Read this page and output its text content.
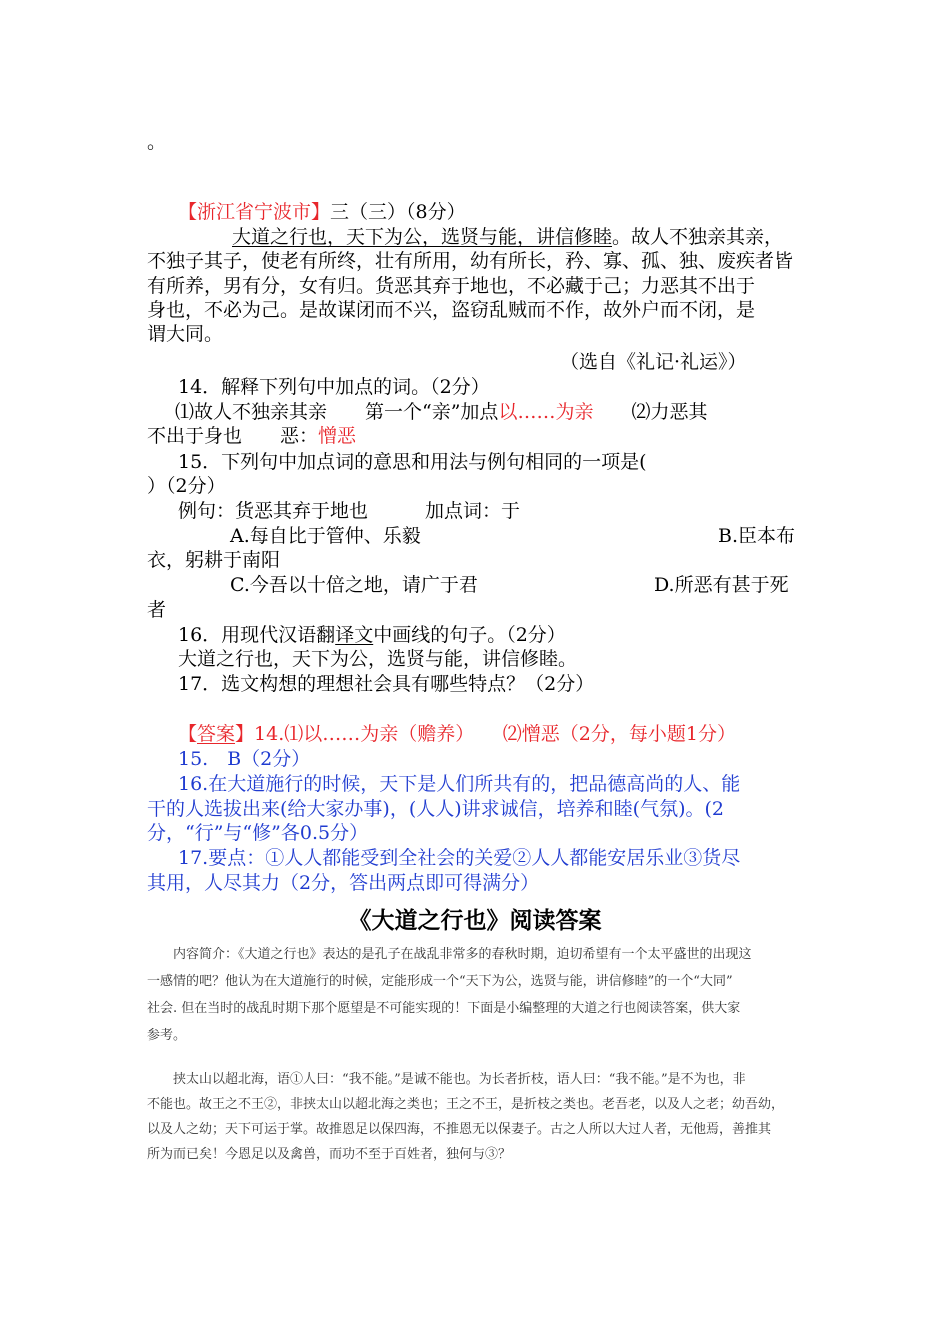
。
【浙江省宁波市】三（三）（8分）
大道之行也，天下为公，选贤与能，讲信修睦。故人不独亲其亲，
不独子其子，使老有所终，壮有所用，幼有所长，矜、寡、孤、独、废疾者皆
有所养，男有分，女有归。货恶其弃于地也，不必藏于己；力恶其不出于
身也，不必为己。是故谋闭而不兴，盗窃乱贼而不作，故外户而不闭，是
谓大同。
（选自《礼记·礼运》）
14．解释下列句中加点的词。（2分）
⑴故人不独亲其亲　　第一个“亲”加点以……为亲　　⑵力恶其
不出于身也　　恶：憎恶
15．下列句中加点词的意思和用法与例句相同的一项是(
）（2分）
例句：货恶其弃于地也　　　加点词：于
A.每自比于管仲、乐毅	B.臣本布
衣，躬耕于南阳
C.今吾以十倍之地，请广于君	D.所恶有甚于死
者
16．用现代汉语翻译文中画线的句子。（2分）
大道之行也，天下为公，选贤与能，讲信修睦。
17．选文构想的理想社会具有哪些特点？（2分）
【答案】14.⑴以……为亲（赡养）　　⑵憎恶（2分，每小题1分）
15.　B（2分）
16.在大道施行的时候，天下是人们所共有的，把品德高尚的人、能
干的人选拔出来(给大家办事)，(人人)讲求诚信，培养和睦(气氛)。(2
分，“行”与“修”各0.5分）
17.要点：①人人都能受到全社会的关爱②人人都能安居乐业③货尽
其用，人尽其力（2分，答出两点即可得满分）
《大道之行也》阅读答案
内容简介：《大道之行也》表达的是孔子在战乱非常多的春秋时期，迫切希望有一个太平盛世的出现这
一感情的吧？他认为在大道施行的时候，定能形成一个“天下为公，选贤与能，讲信修睦”的一个“大同”
社会. 但在当时的战乱时期下那个愿望是不可能实现的！下面是小编整理的大道之行也阅读答案，供大家
参考。
挟太山以超北海，语①人曰：“我不能。”是诚不能也。为长者折枝，语人曰：“我不能。”是不为也，非
不能也。故王之不王②，非挟太山以超北海之类也；王之不王，是折枝之类也。老吾老，以及人之老；幼吾幼，
以及人之幼；天下可运于掌。故推恩足以保四海，不推恩无以保妻子。古之人所以大过人者，无他焉，善推其
所为而已矣！今恩足以及禽兽，而功不至于百姓者，独何与③？
